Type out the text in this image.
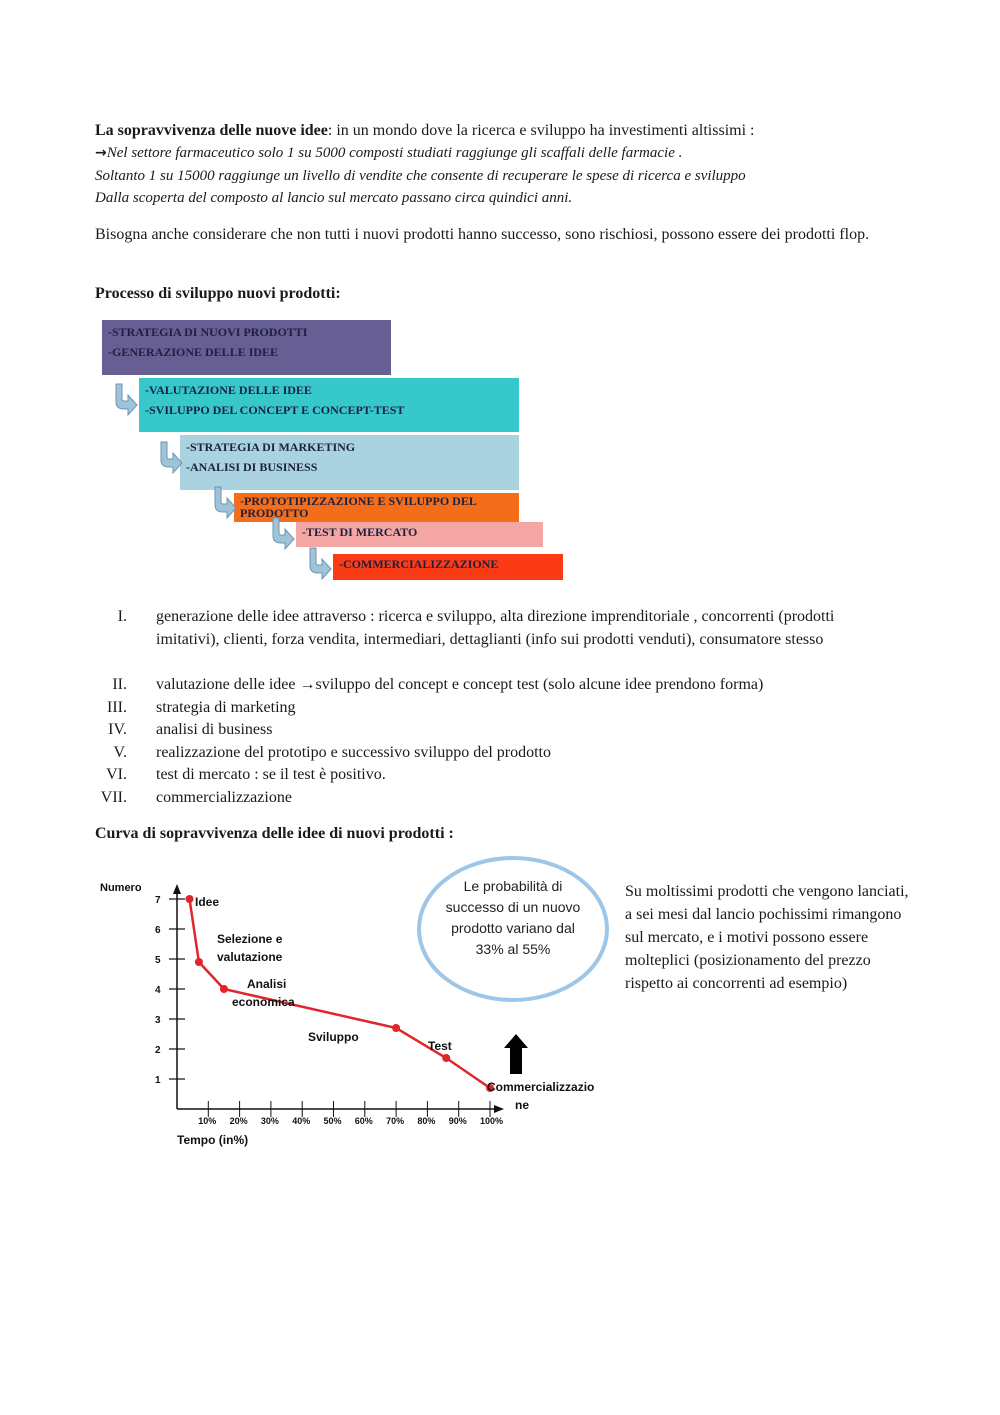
La sopravvivenza delle nuove idee: in un mondo dove la ricerca e sviluppo ha investimenti altissimi :
→Nel settore farmaceutico solo 1 su 5000 composti studiati raggiunge gli scaffali delle farmacie .
Soltanto 1 su 15000 raggiunge un livello di vendite che consente di recuperare le spese di ricerca e sviluppo
Dalla scoperta del composto al lancio sul mercato passano circa quindici anni.
Bisogna anche considerare che non tutti i nuovi prodotti hanno successo, sono rischiosi, possono essere dei prodotti flop.
Processo di sviluppo nuovi prodotti:
-STRATEGIA DI NUOVI PRODOTTI
-GENERAZIONE DELLE IDEE
-VALUTAZIONE DELLE IDEE
-SVILUPPO DEL CONCEPT E CONCEPT-TEST
-STRATEGIA DI MARKETING
-ANALISI DI BUSINESS
-PROTOTIPIZZAZIONE E SVILUPPO DEL PRODOTTO
-TEST DI MERCATO
-COMMERCIALIZZAZIONE
I. generazione delle idee attraverso : ricerca e sviluppo, alta direzione imprenditoriale , concorrenti (prodotti imitativi), clienti, forza vendita, intermediari, dettaglianti (info sui prodotti venduti), consumatore stesso
II. valutazione delle idee →sviluppo del concept e concept test (solo alcune idee prendono forma)
III. strategia di marketing
IV. analisi di business
V. realizzazione del prototipo e successivo sviluppo del prodotto
VI. test di mercato : se il test è positivo.
VII. commercializzazione
Curva di sopravvivenza delle idee di nuovi prodotti :
1
2
3
4
5
6
7
10% 20% 30% 40% 50% 60% 70% 80% 90% 100%
Idee
Selezione e valutazione
Analisi economica
Sviluppo
Test
Commercializzazio ne
Numero
Tempo (in%)
Le probabilità di successo di un nuovo prodotto variano dal 33% al 55%
Su moltissimi prodotti che vengono lanciati, a sei mesi dal lancio pochissimi rimangono sul mercato, e i motivi possono essere molteplici (posizionamento del prezzo rispetto ai concorrenti ad esempio)
